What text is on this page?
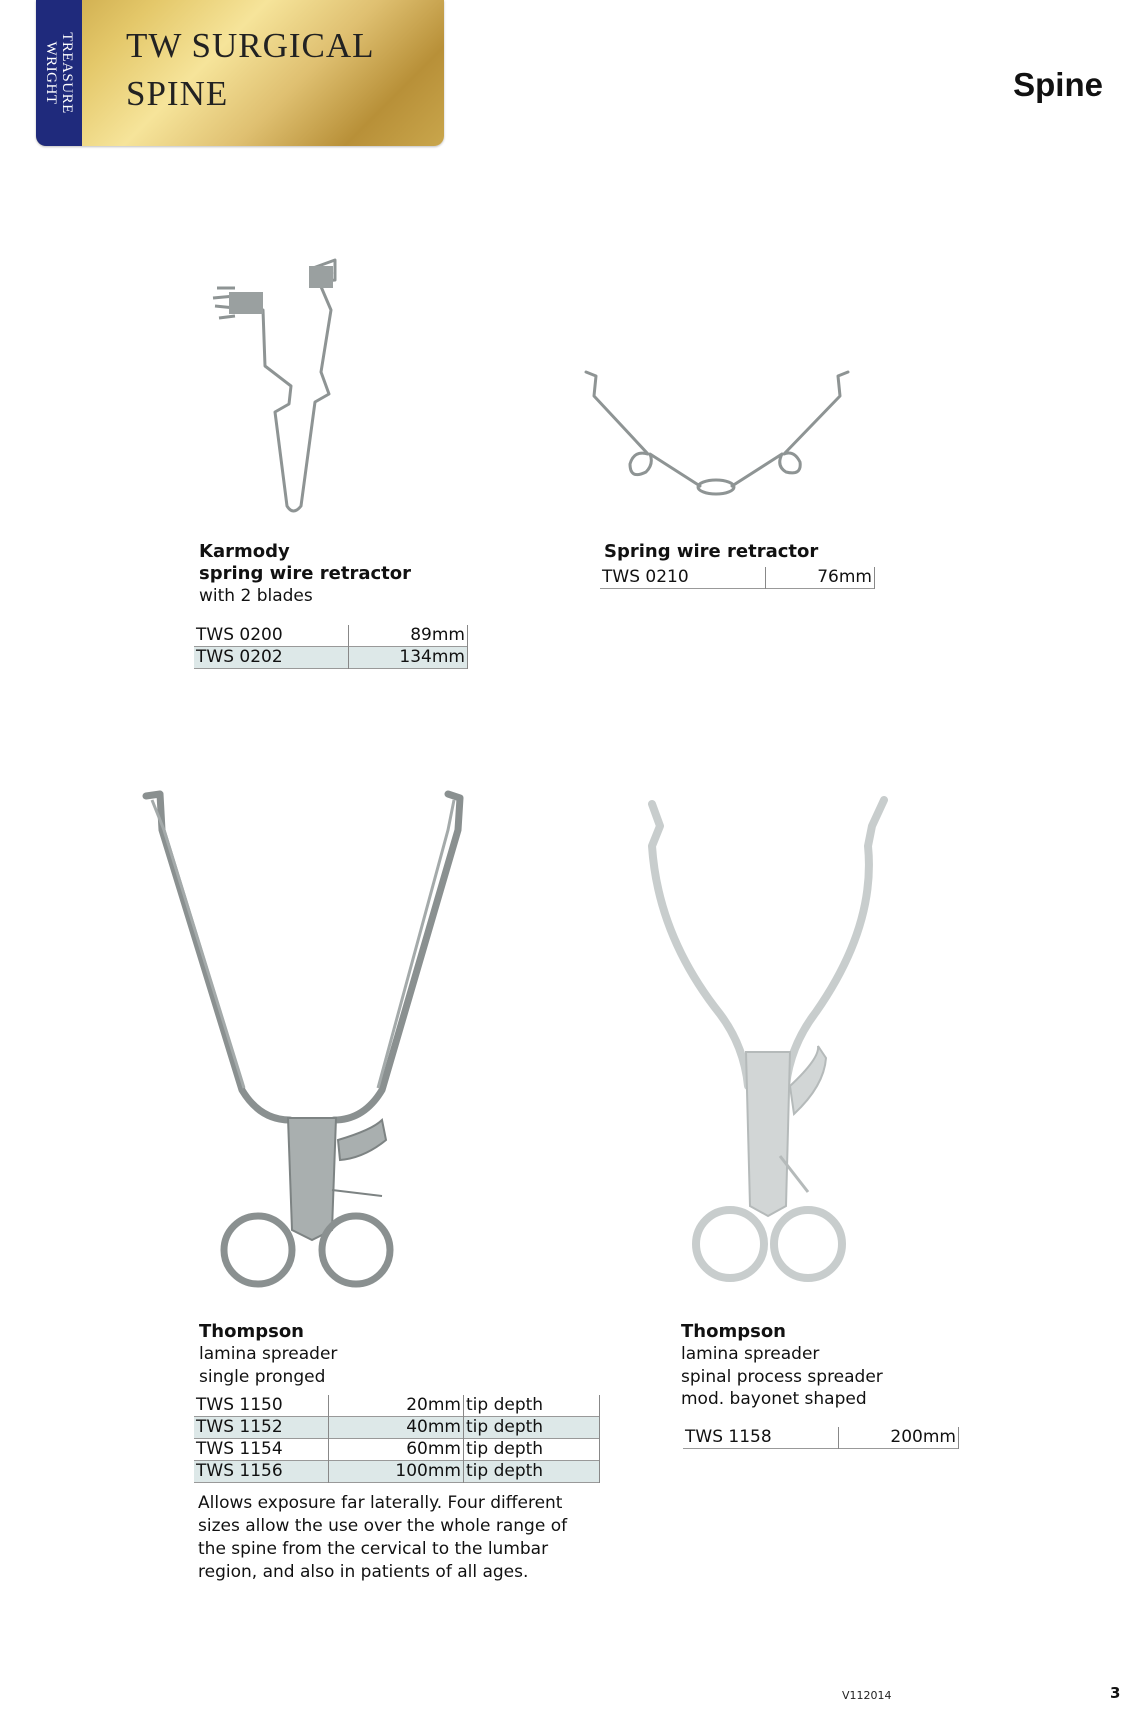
TREASURE
WRIGHT TW SURGICAL
SPINE	Spine
Karmody
spring wire retractor
with 2 blades
TWS 0200	89mm
TWS 0202	134mm
Spring wire retractor
TWS 0210	76mm
Thompson
lamina spreader
single pronged
TWS 1150	20mm	tip depth
TWS 1152	40mm	tip depth
TWS 1154	60mm	tip depth
TWS 1156	100mm	tip depth
Allows exposure far laterally. Four different sizes allow the use over the whole range of the spine from the cervical to the lumbar region, and also in patients of all ages.
Thompson
lamina spreader
spinal process spreader
mod. bayonet shaped
TWS 1158	200mm
V112014	3
